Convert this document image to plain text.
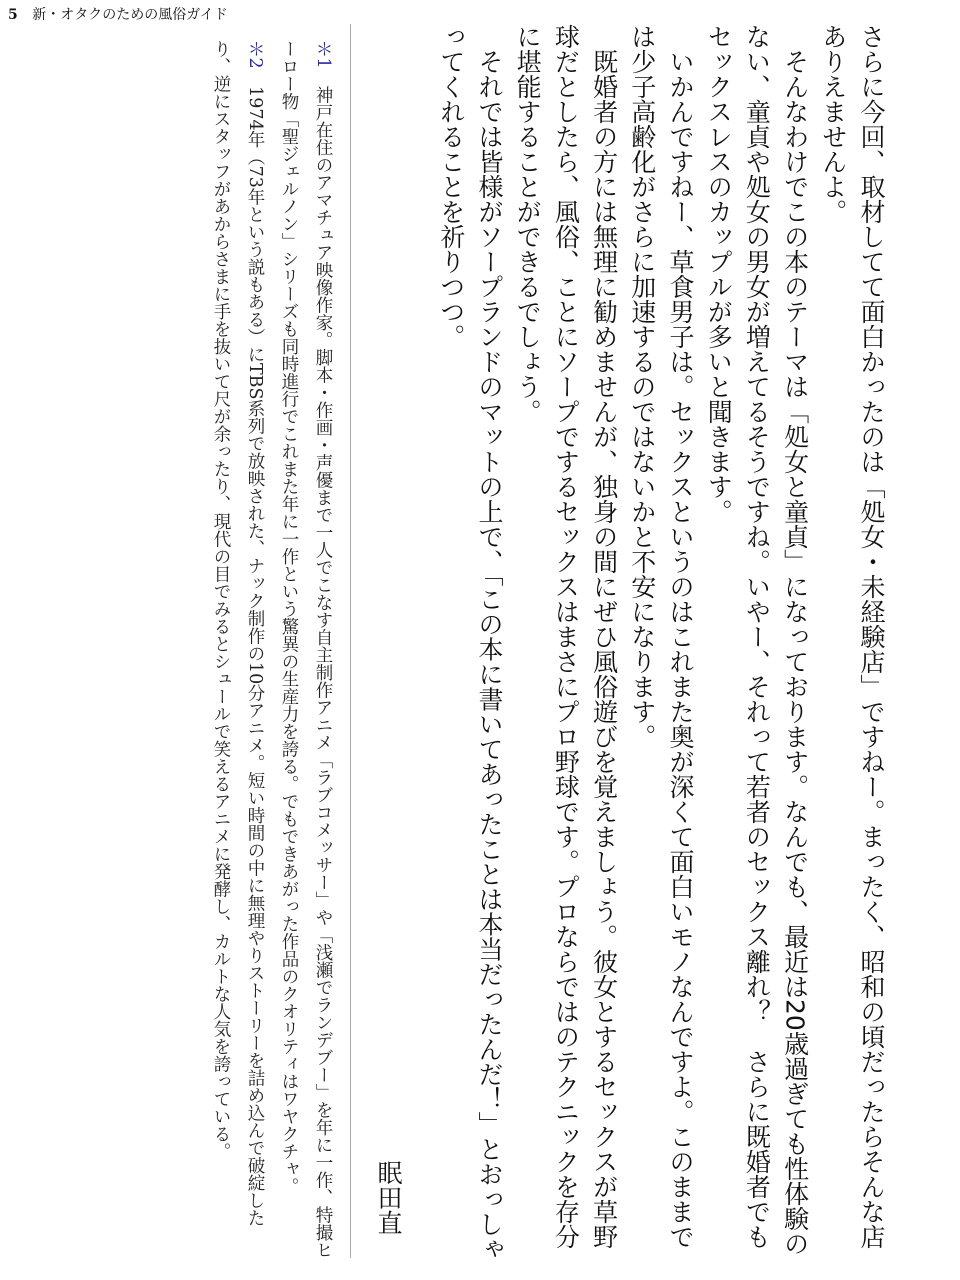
5 新・オタクのための風俗ガイド

さらに今回、取材してて面白かったのは「処女・未経験店」ですねー。まったく、昭和の頃だったらそんな店ありえませんよ。

そんなわけでこの本のテーマは「処女と童貞」になっております。なんでも、最近は20歳過ぎても性体験のない、童貞や処女の男女が増えてるそうですね。いやー、それって若者のセックス離れ？　さらに既婚者でもセックスレスのカップルが多いと聞きます。

いかんですねー、草食男子は。セックスというのはこれまた奥が深くて面白いモノなんですよ。このままでは少子高齢化がさらに加速するのではないかと不安になります。

既婚者の方には無理に勧めませんが、独身の間にぜひ風俗遊びを覚えましょう。彼女とするセックスが草野球だとしたら、風俗、ことにソープでするセックスはまさにプロ野球です。プロならではのテクニックを存分に堪能することができるでしょう。

それでは皆様がソープランドのマットの上で、「この本に書いてあったことは本当だったんだ！」とおっしゃってくれることを祈りつつ。

眠田直

＊1　神戸在住のアマチュア映像作家。脚本・作画・声優まで一人でこなす自主制作アニメ「ラブコメッサー」や「浅瀬でランデブー」を年に一作、特撮ヒーロー物「聖ジェルノン」シリーズも同時進行でこれまた年に一作という驚異の生産力を誇る。でもできあがった作品のクオリティはワヤクチャ。

＊2　1974年（73年という説もある）にTBS系列で放映された、ナック制作の10分アニメ。短い時間の中に無理やりストーリーを詰め込んで破綻したり、逆にスタッフがあからさまに手を抜いて尺が余ったり、現代の目でみるとシュールで笑えるアニメに発酵し、カルトな人気を誇っている。
